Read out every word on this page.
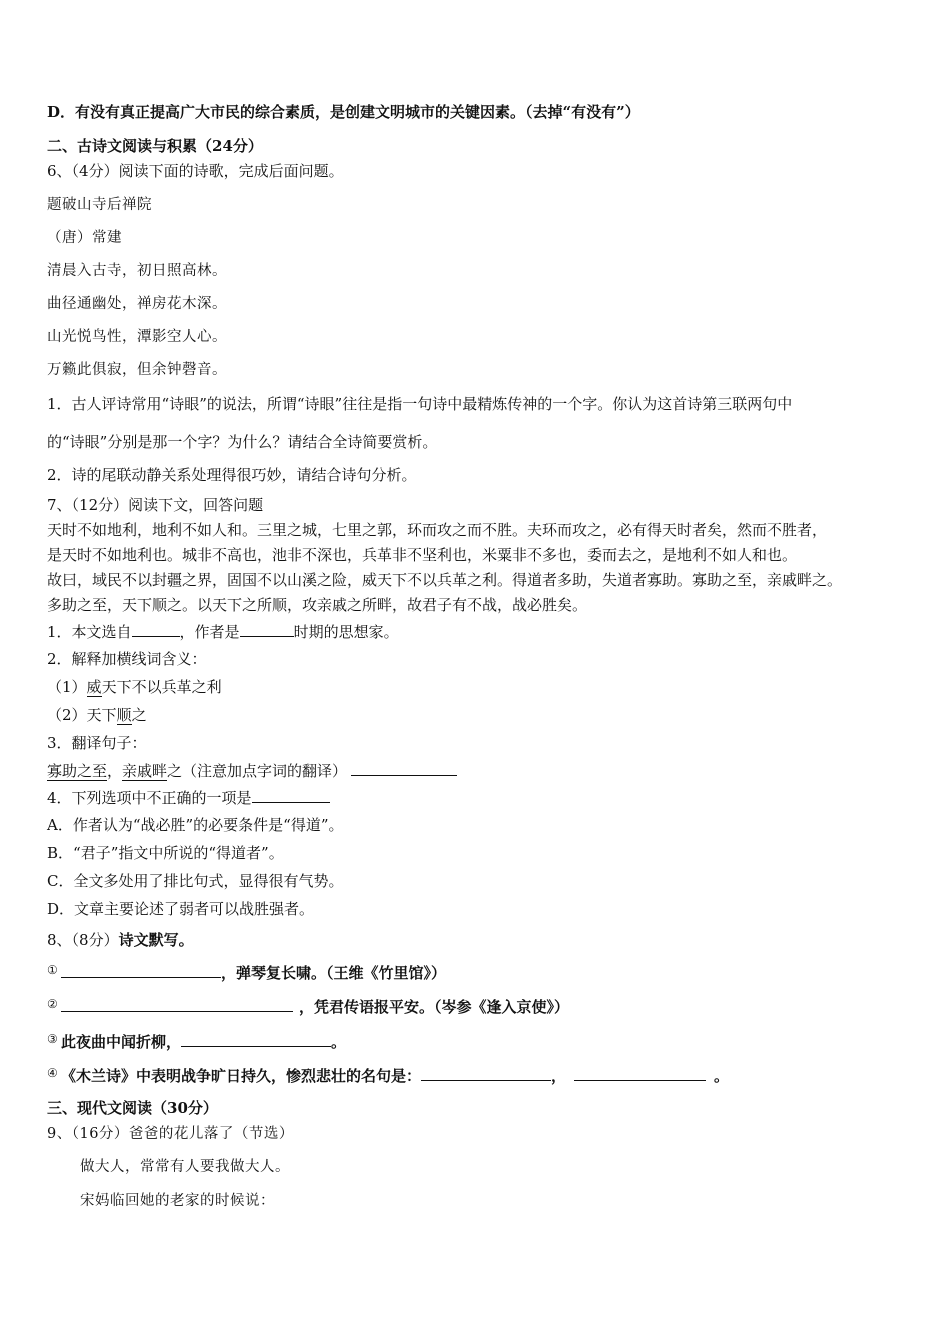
D．有没有真正提高广大市民的综合素质，是创建文明城市的关键因素。（去掉“有没有”）
二、古诗文阅读与积累（24分）
6、（4分）阅读下面的诗歌，完成后面问题。
题破山寺后禅院
（唐）常建
清晨入古寺，初日照高林。
曲径通幽处，禅房花木深。
山光悦鸟性，潭影空人心。
万籁此俱寂，但余钟磬音。
1．古人评诗常用“诗眼”的说法，所谓“诗眼”往往是指一句诗中最精炼传神的一个字。你认为这首诗第三联两句中
的“诗眼”分别是那一个字？为什么？请结合全诗简要赏析。
2．诗的尾联动静关系处理得很巧妙，请结合诗句分析。
7、（12分）阅读下文，回答问题
天时不如地利，地利不如人和。三里之城，七里之郭，环而攻之而不胜。夫环而攻之，必有得天时者矣，然而不胜者，
是天时不如地利也。城非不高也，池非不深也，兵革非不坚利也，米粟非不多也，委而去之，是地利不如人和也。
故曰，域民不以封疆之界，固国不以山溪之险，威天下不以兵革之利。得道者多助，失道者寡助。寡助之至，亲戚畔之。
多助之至，天下顺之。以天下之所顺，攻亲戚之所畔，故君子有不战，战必胜矣。
1．本文选自	，作者是	时期的思想家。
2．解释加横线词含义：
（1）威天下不以兵革之利
（2）天下顺之
3．翻译句子：
寡助之至，亲戚畔之（注意加点字词的翻译）
4．下列选项中不正确的一项是
A．作者认为“战必胜”的必要条件是“得道”。
B．“君子”指文中所说的“得道者”。
C．全文多处用了排比句式，显得很有气势。
D．文章主要论述了弱者可以战胜强者。
8、（8分）诗文默写。
①	，弹琴复长啸。（王维《竹里馆》）
②	，凭君传语报平安。（岑参《逢入京使》）
③ 此夜曲中闻折柳，	。
④ 《木兰诗》中表明战争旷日持久，惨烈悲壮的名句是：	，	。
三、现代文阅读（30分）
9、（16分）爸爸的花儿落了（节选）
做大人，常常有人要我做大人。
宋妈临回她的老家的时候说：
